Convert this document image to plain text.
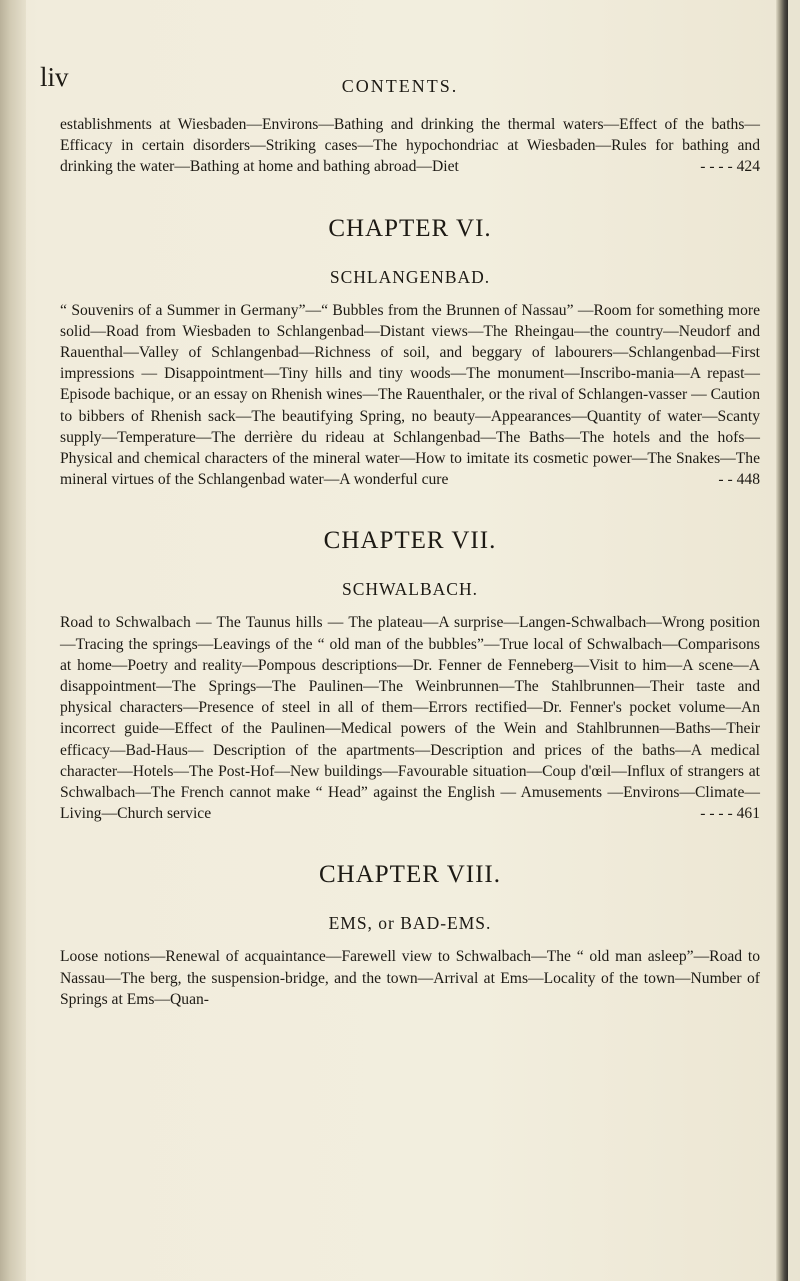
liv	CONTENTS.

establishments at Wiesbaden—Environs—Bathing and drinking the thermal waters—Effect of the baths—Efficacy in certain disorders—Striking cases—The hypochondriac at Wiesbaden—Rules for bathing and drinking the water—Bathing at home and bathing abroad—Diet	- - - - 424

CHAPTER VI.
SCHLANGENBAD.

“ Souvenirs of a Summer in Germany”—“ Bubbles from the Brunnen of Nassau” —Room for something more solid—Road from Wiesbaden to Schlangenbad—Distant views—The Rheingau—the country—Neudorf and Rauenthal—Valley of Schlangenbad—Richness of soil, and beggary of labourers—Schlangenbad—First impressions — Disappointment—Tiny hills and tiny woods—The monument—Inscribo-mania—A repast—Episode bachique, or an essay on Rhenish wines—The Rauenthaler, or the rival of Schlangen-vasser — Caution to bibbers of Rhenish sack—The beautifying Spring, no beauty—Appearances—Quantity of water—Scanty supply—Temperature—The derrière du rideau at Schlangenbad—The Baths—The hotels and the hofs—Physical and chemical characters of the mineral water—How to imitate its cosmetic power—The Snakes—The mineral virtues of the Schlangenbad water—A wonderful cure	- - 448

CHAPTER VII.
SCHWALBACH.

Road to Schwalbach — The Taunus hills — The plateau—A surprise—Langen-Schwalbach—Wrong position—Tracing the springs—Leavings of the “ old man of the bubbles”—True local of Schwalbach—Comparisons at home—Poetry and reality—Pompous descriptions—Dr. Fenner de Fenneberg—Visit to him—A scene—A disappointment—The Springs—The Paulinen—The Weinbrunnen—The Stahlbrunnen—Their taste and physical characters—Presence of steel in all of them—Errors rectified—Dr. Fenner's pocket volume—An incorrect guide—Effect of the Paulinen—Medical powers of the Wein and Stahlbrunnen—Baths—Their efficacy—Bad-Haus— Description of the apartments—Description and prices of the baths—A medical character—Hotels—The Post-Hof—New buildings—Favourable situation—Coup d'œil—Influx of strangers at Schwalbach—The French cannot make “ Head” against the English — Amusements —Environs—Climate—Living—Church service	- - - - 461

CHAPTER VIII.
EMS, or BAD-EMS.

Loose notions—Renewal of acquaintance—Farewell view to Schwalbach—The “ old man asleep”—Road to Nassau—The berg, the suspension-bridge, and the town—Arrival at Ems—Locality of the town—Number of Springs at Ems—Quan-
